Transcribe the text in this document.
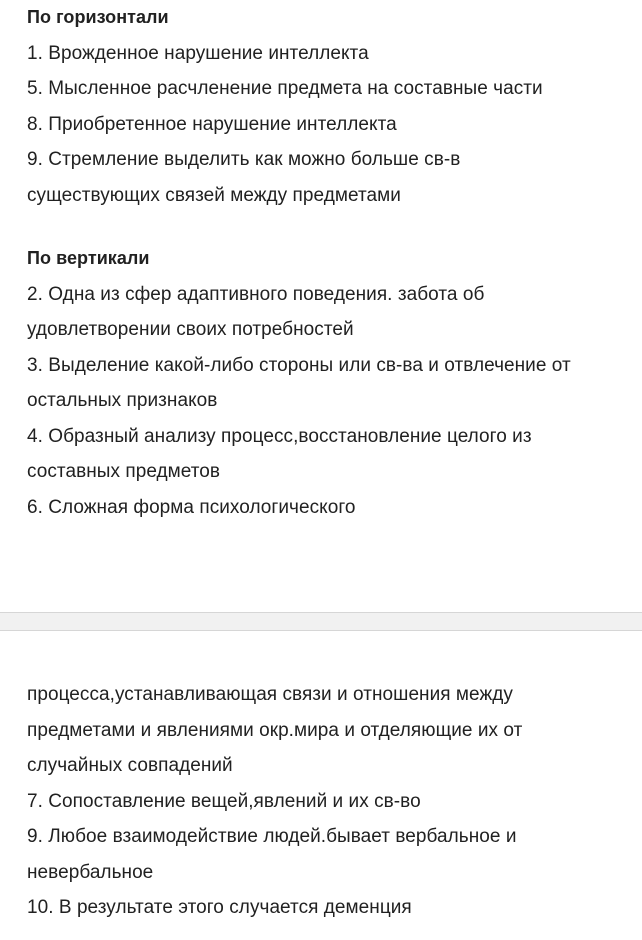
По горизонтали
1. Врожденное нарушение интеллекта
5. Мысленное расчленение предмета на составные части
8. Приобретенное нарушение интеллекта
9. Стремление выделить как можно больше св-в
существующих связей между предметами
По вертикали
2. Одна из сфер адаптивного поведения. забота об
удовлетворении своих потребностей
3. Выделение какой-либо стороны или св-ва и отвлечение от
остальных признаков
4. Образный анализу процесс,восстановление целого из
составных предметов
6. Сложная форма психологического
процесса,устанавливающая связи и отношения между
предметами и явлениями окр.мира и отделяющие их от
случайных совпадений
7. Сопоставление вещей,явлений и их св-во
9. Любое взаимодействие людей.бывает вербальное и
невербальное
10. В результате этого случается деменция
